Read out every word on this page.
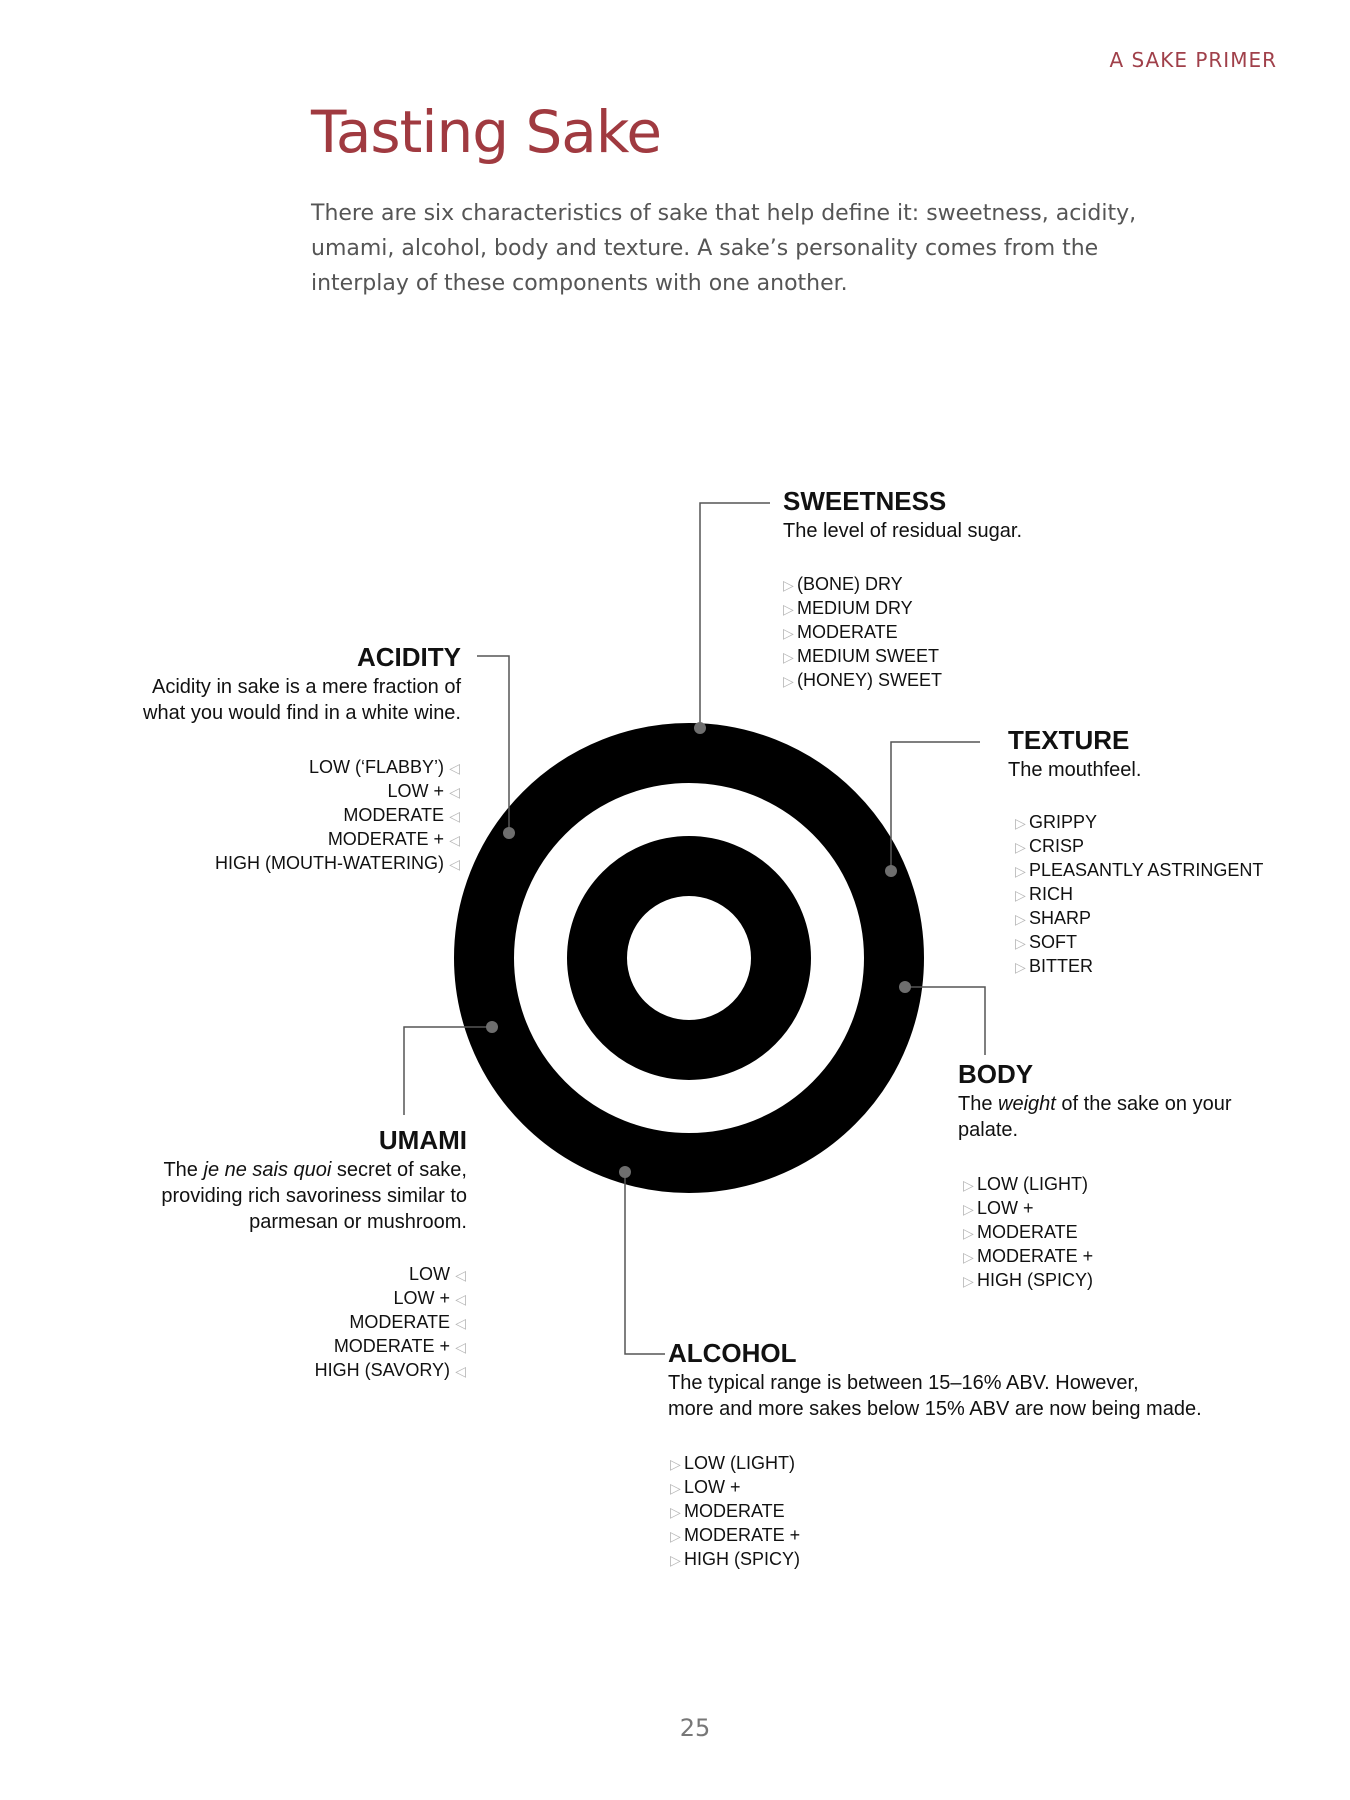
A SAKE PRIMER
Tasting Sake
There are six characteristics of sake that help define it: sweetness, acidity,
umami, alcohol, body and texture. A sake’s personality comes from the
interplay of these components with one another.
SWEETNESS
The level of residual sugar.
▷ (BONE) DRY
▷ MEDIUM DRY
▷ MODERATE
▷ MEDIUM SWEET
▷ (HONEY) SWEET
ACIDITY
Acidity in sake is a mere fraction of
what you would find in a white wine.
LOW (‘FLABBY’) ◁
LOW + ◁
MODERATE ◁
MODERATE + ◁
HIGH (MOUTH-WATERING) ◁
TEXTURE
The mouthfeel.
▷ GRIPPY
▷ CRISP
▷ PLEASANTLY ASTRINGENT
▷ RICH
▷ SHARP
▷ SOFT
▷ BITTER
BODY
The weight of the sake on your
palate.
▷ LOW (LIGHT)
▷ LOW +
▷ MODERATE
▷ MODERATE +
▷ HIGH (SPICY)
UMAMI
The je ne sais quoi secret of sake,
providing rich savoriness similar to
parmesan or mushroom.
LOW ◁
LOW + ◁
MODERATE ◁
MODERATE + ◁
HIGH (SAVORY) ◁
ALCOHOL
The typical range is between 15–16% ABV. However,
more and more sakes below 15% ABV are now being made.
▷ LOW (LIGHT)
▷ LOW +
▷ MODERATE
▷ MODERATE +
▷ HIGH (SPICY)
25
